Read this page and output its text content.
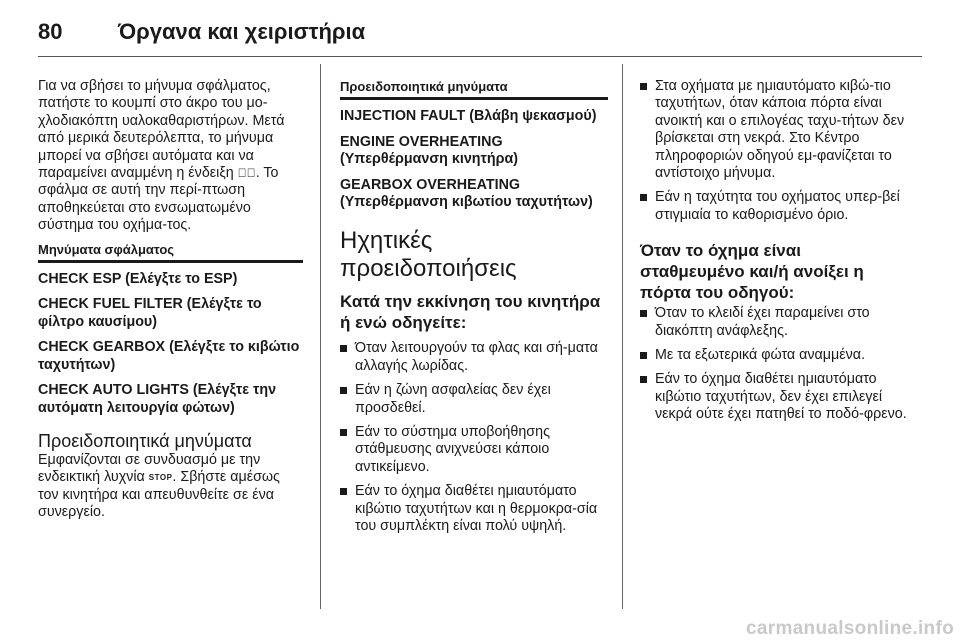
80	Όργανα και χειριστήρια

Για να σβήσει το μήνυμα σφάλματος, πατήστε το κουμπί στο άκρο του μο-χλοδιακόπτη υαλοκαθαριστήρων. Μετά από μερικά δευτερόλεπτα, το μήνυμα μπορεί να σβήσει αυτόματα και να παραμείνει αναμμένη η ένδειξη ⊲⃝. Το σφάλμα σε αυτή την περί-πτωση αποθηκεύεται στο ενσωματωμένο σύστημα του οχήμα-τος.

Μηνύματα σφάλματος

CHECK ESP (Ελέγξτε το ESP)

CHECK FUEL FILTER (Ελέγξτε το φίλτρο καυσίμου)

CHECK GEARBOX (Ελέγξτε το κιβώτιο ταχυτήτων)

CHECK AUTO LIGHTS (Ελέγξτε την αυτόματη λειτουργία φώτων)

Προειδοποιητικά μηνύματα

Εμφανίζονται σε συνδυασμό με την ενδεικτική λυχνία STOP. Σβήστε αμέσως τον κινητήρα και απευθυνθείτε σε ένα συνεργείο.

Προειδοποιητικά μηνύματα

INJECTION FAULT (Βλάβη ψεκασμού)

ENGINE OVERHEATING (Υπερθέρμανση κινητήρα)

GEARBOX OVERHEATING (Υπερθέρμανση κιβωτίου ταχυτήτων)

Ηχητικές προειδοποιήσεις

Κατά την εκκίνηση του κινητήρα ή ενώ οδηγείτε:

Όταν λειτουργούν τα φλας και σή-ματα αλλαγής λωρίδας.
Εάν η ζώνη ασφαλείας δεν έχει προσδεθεί.
Εάν το σύστημα υποβοήθησης στάθμευσης ανιχνεύσει κάποιο αντικείμενο.
Εάν το όχημα διαθέτει ημιαυτόματο κιβώτιο ταχυτήτων και η θερμοκρα-σία του συμπλέκτη είναι πολύ υψηλή.
Στα οχήματα με ημιαυτόματο κιβώ-τιο ταχυτήτων, όταν κάποια πόρτα είναι ανοικτή και ο επιλογέας ταχυ-τήτων δεν βρίσκεται στη νεκρά. Στο Κέντρο πληροφοριών οδηγού εμ-φανίζεται το αντίστοιχο μήνυμα.
Εάν η ταχύτητα του οχήματος υπερ-βεί στιγμιαία το καθορισμένο όριο.

Όταν το όχημα είναι σταθμευμένο και/ή ανοίξει η πόρτα του οδηγού:

Όταν το κλειδί έχει παραμείνει στο διακόπτη ανάφλεξης.
Με τα εξωτερικά φώτα αναμμένα.
Εάν το όχημα διαθέτει ημιαυτόματο κιβώτιο ταχυτήτων, δεν έχει επιλεγεί νεκρά ούτε έχει πατηθεί το ποδό-φρενο.
carmanualsonline.info
